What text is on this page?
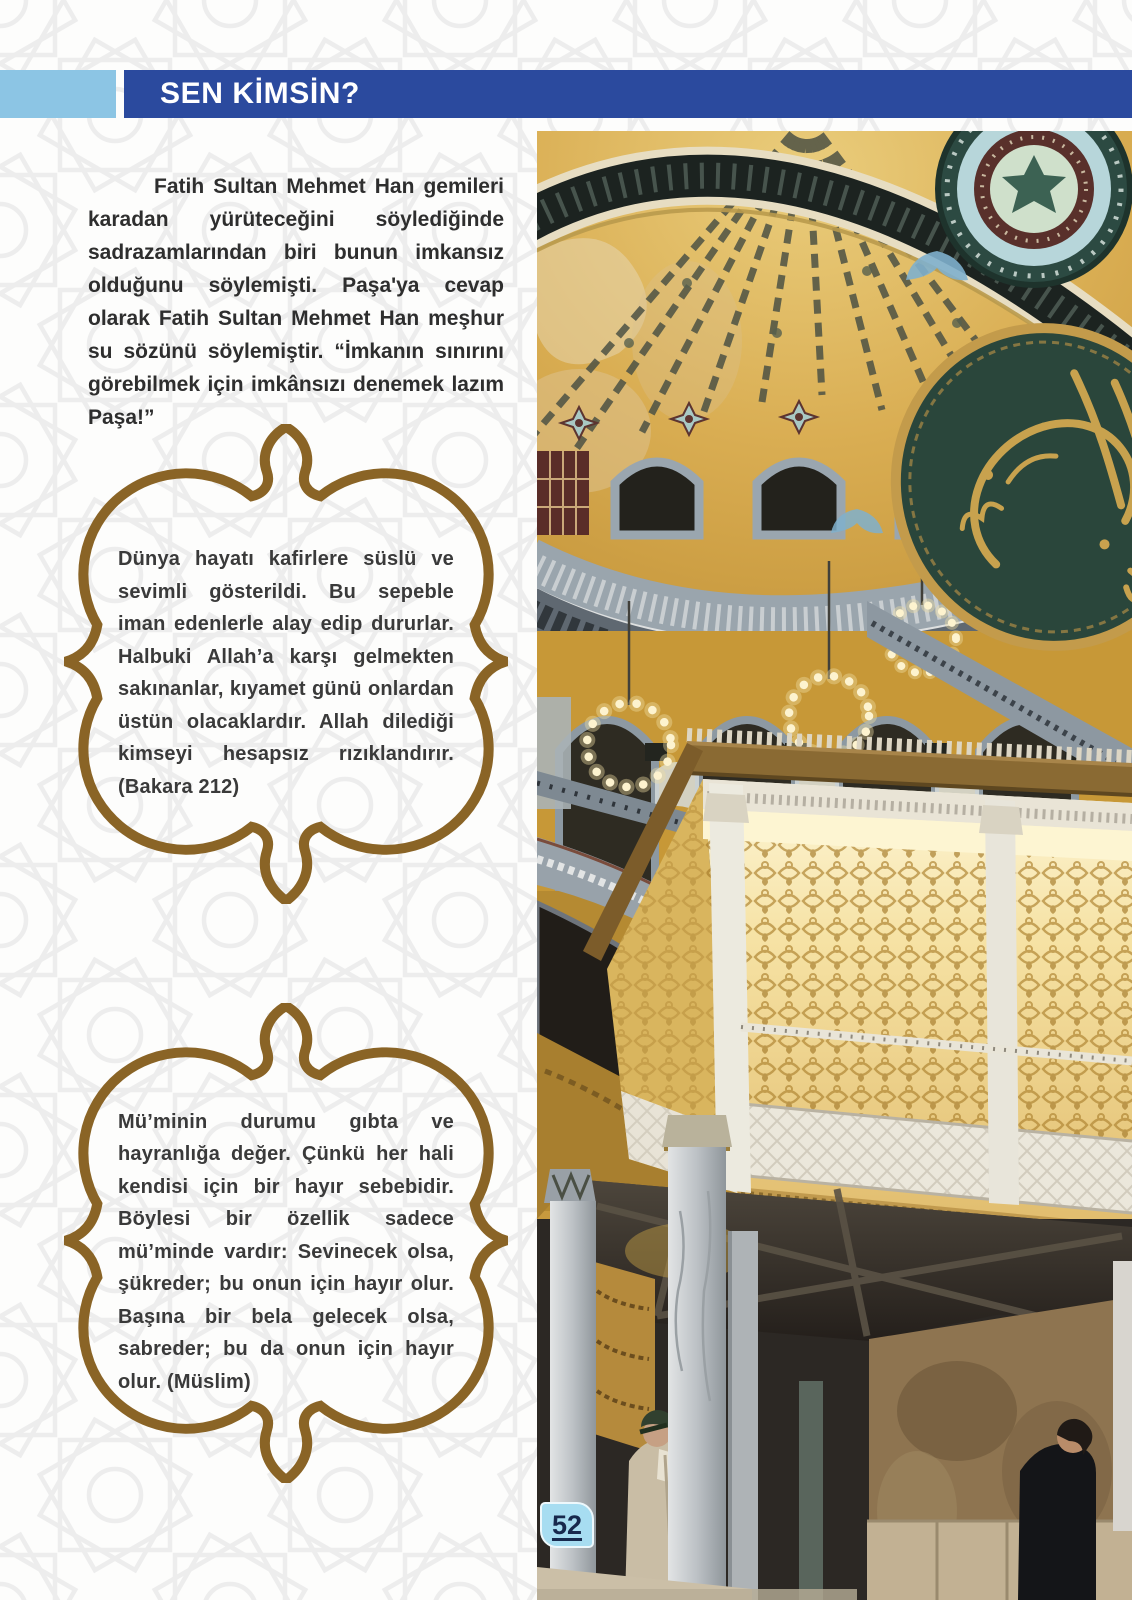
SEN KİMSİN?

Fatih Sultan Mehmet Han gemileri karadan yürüteceğini söylediğinde sadrazamlarından biri bunun imkansız olduğunu söylemişti. Paşa'ya cevap olarak Fatih Sultan Mehmet Han meşhur su sözünü söylemiştir. “İmkanın sınırını görebilmek için imkânsızı denemek lazım Paşa!”

Dünya hayatı kafirlere süslü ve sevimli gösterildi. Bu sepeble iman edenlerle alay edip dururlar. Halbuki Allah’a karşı gelmekten sakınanlar, kıyamet günü onlardan üstün olacaklardır. Allah dilediği kimseyi hesapsız rızıklandırır. (Bakara 212)

Mü’minin durumu gıbta ve hayranlığa değer. Çünkü her hali kendisi için bir hayır sebebidir. Böylesi bir özellik sadece mü’minde vardır: Sevinecek olsa, şükreder; bu onun için hayır olur. Başına bir bela gelecek olsa, sabreder; bu da onun için hayır olur. (Müslim)

52
